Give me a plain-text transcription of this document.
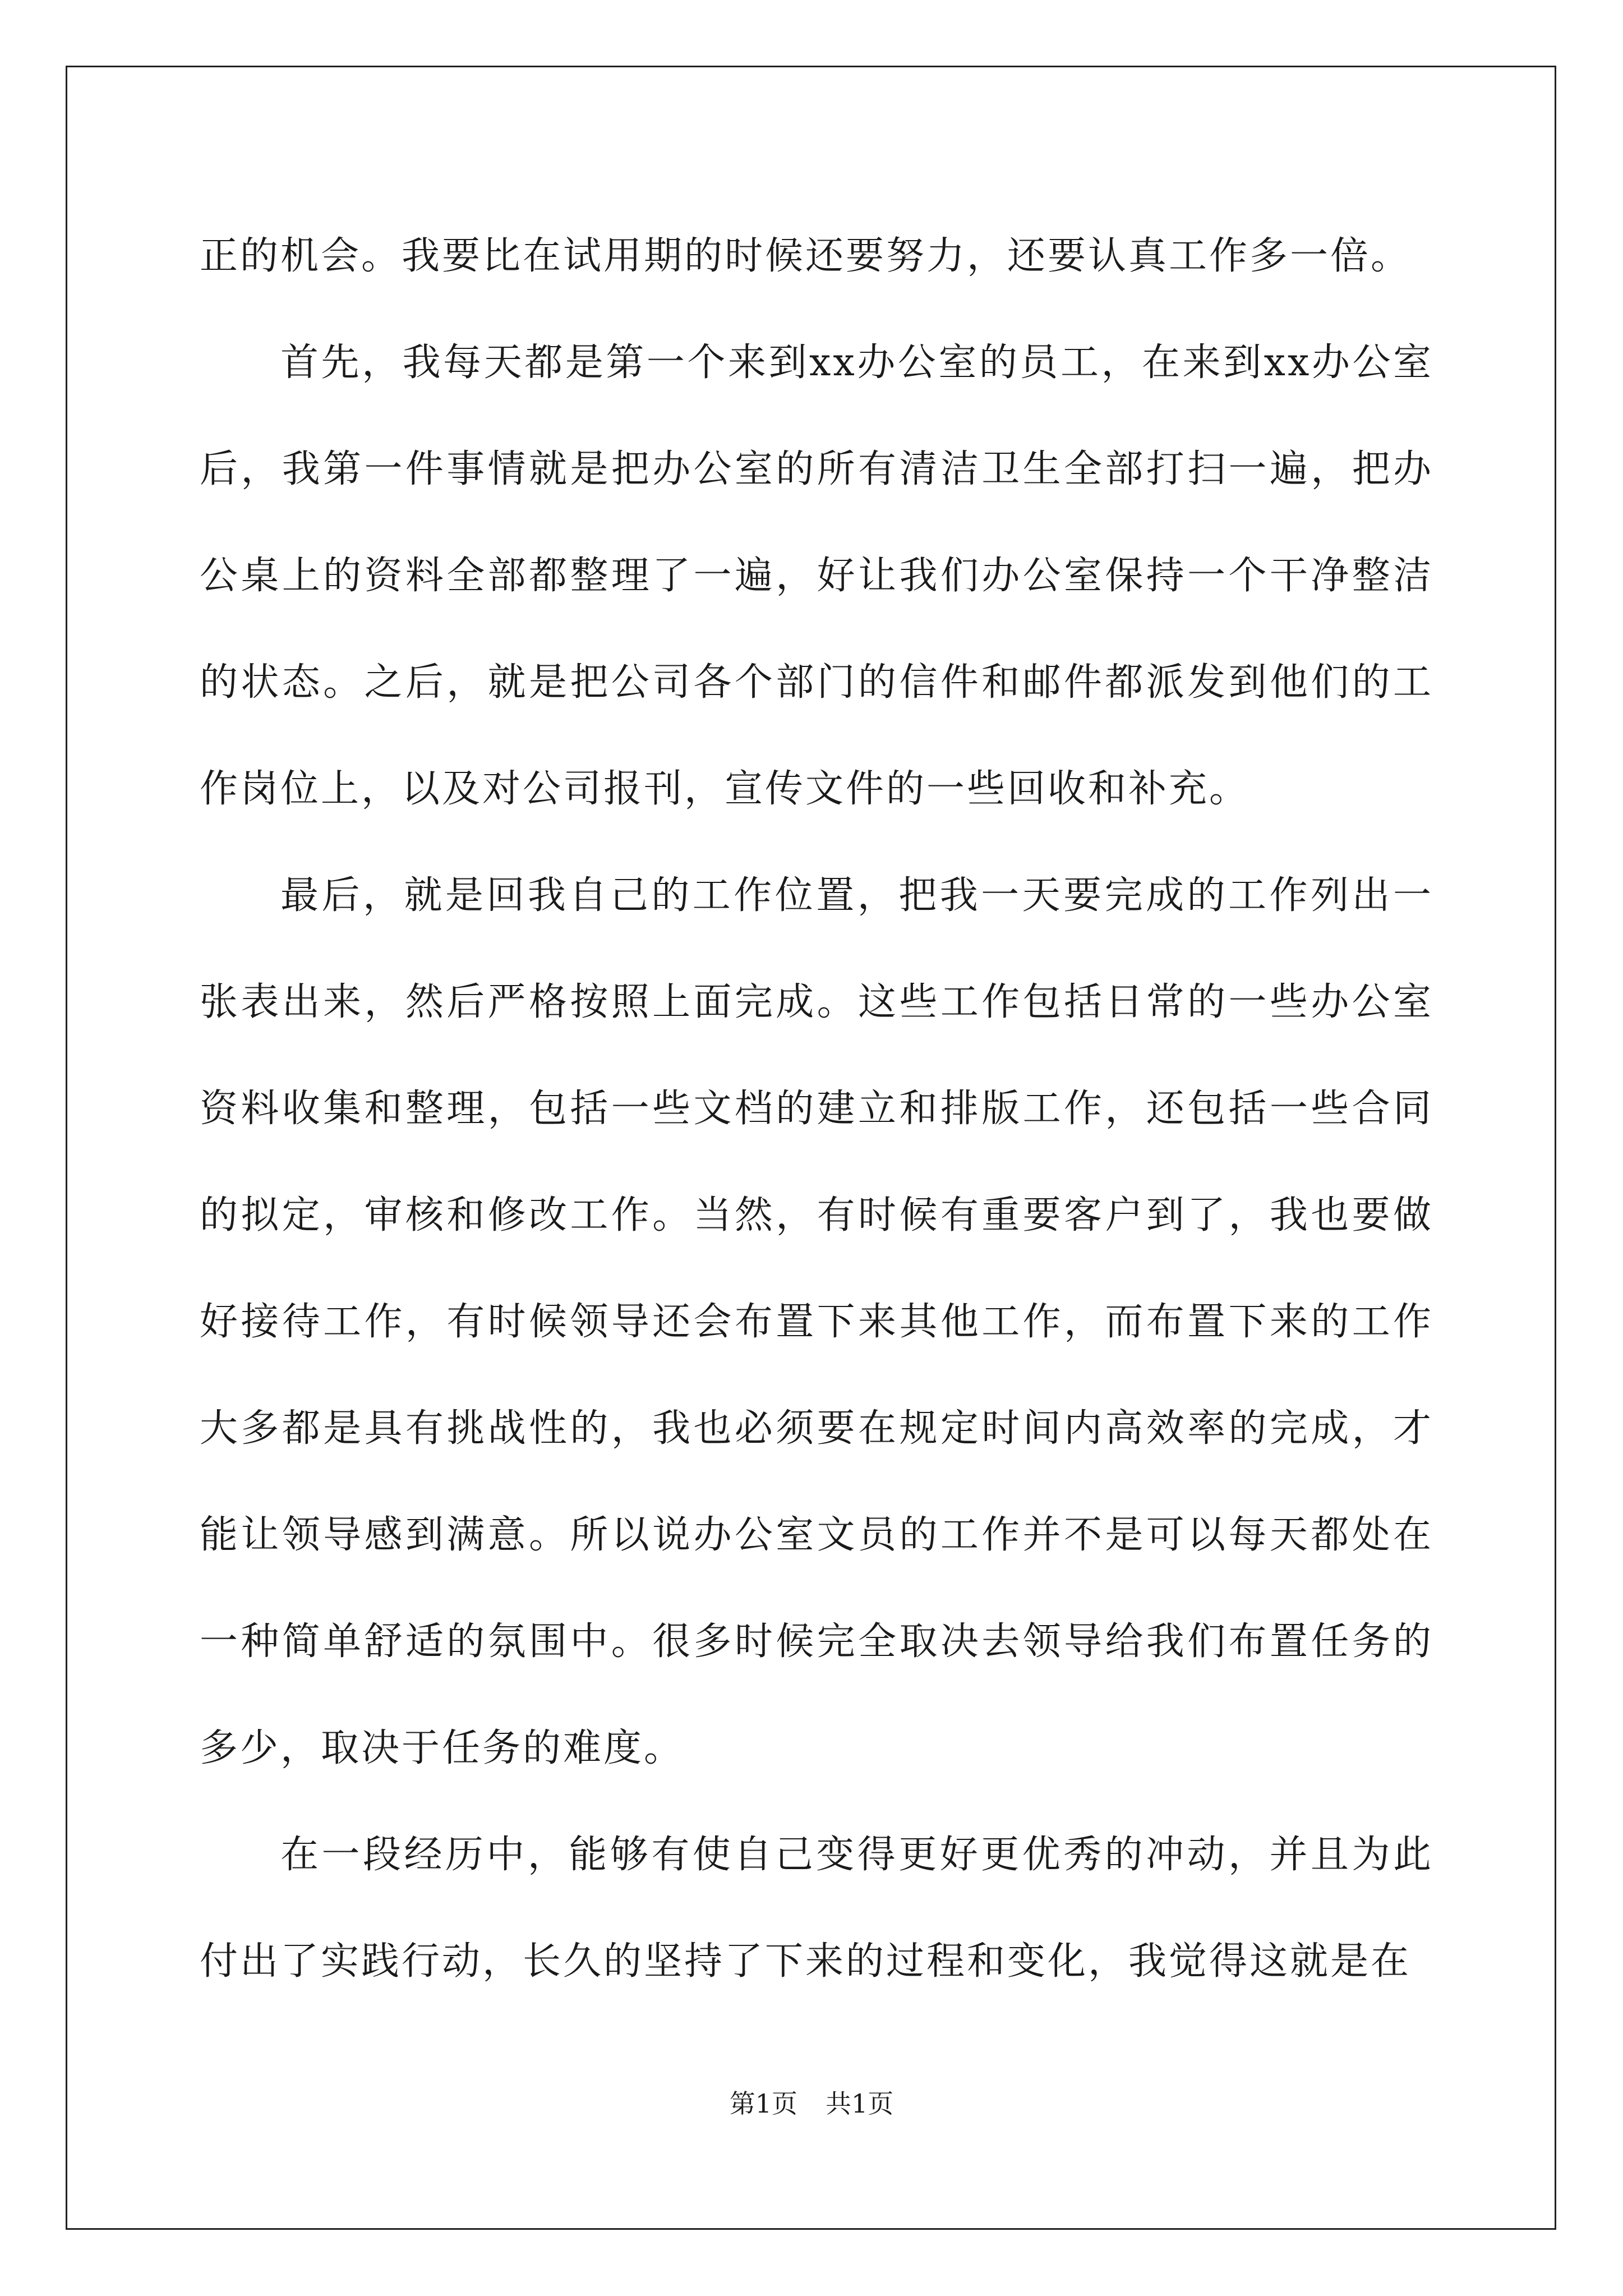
正的机会。我要比在试用期的时候还要努力，还要认真工作多一倍。

首先，我每天都是第一个来到xx办公室的员工，在来到xx办公室后，我第一件事情就是把办公室的所有清洁卫生全部打扫一遍，把办公桌上的资料全部都整理了一遍，好让我们办公室保持一个干净整洁的状态。之后，就是把公司各个部门的信件和邮件都派发到他们的工作岗位上，以及对公司报刊，宣传文件的一些回收和补充。

最后，就是回我自己的工作位置，把我一天要完成的工作列出一张表出来，然后严格按照上面完成。这些工作包括日常的一些办公室资料收集和整理，包括一些文档的建立和排版工作，还包括一些合同的拟定，审核和修改工作。当然，有时候有重要客户到了，我也要做好接待工作，有时候领导还会布置下来其他工作，而布置下来的工作大多都是具有挑战性的，我也必须要在规定时间内高效率的完成，才能让领导感到满意。所以说办公室文员的工作并不是可以每天都处在一种简单舒适的氛围中。很多时候完全取决去领导给我们布置任务的多少，取决于任务的难度。

在一段经历中，能够有使自己变得更好更优秀的冲动，并且为此付出了实践行动，长久的坚持了下来的过程和变化，我觉得这就是在

第1页 共1页
